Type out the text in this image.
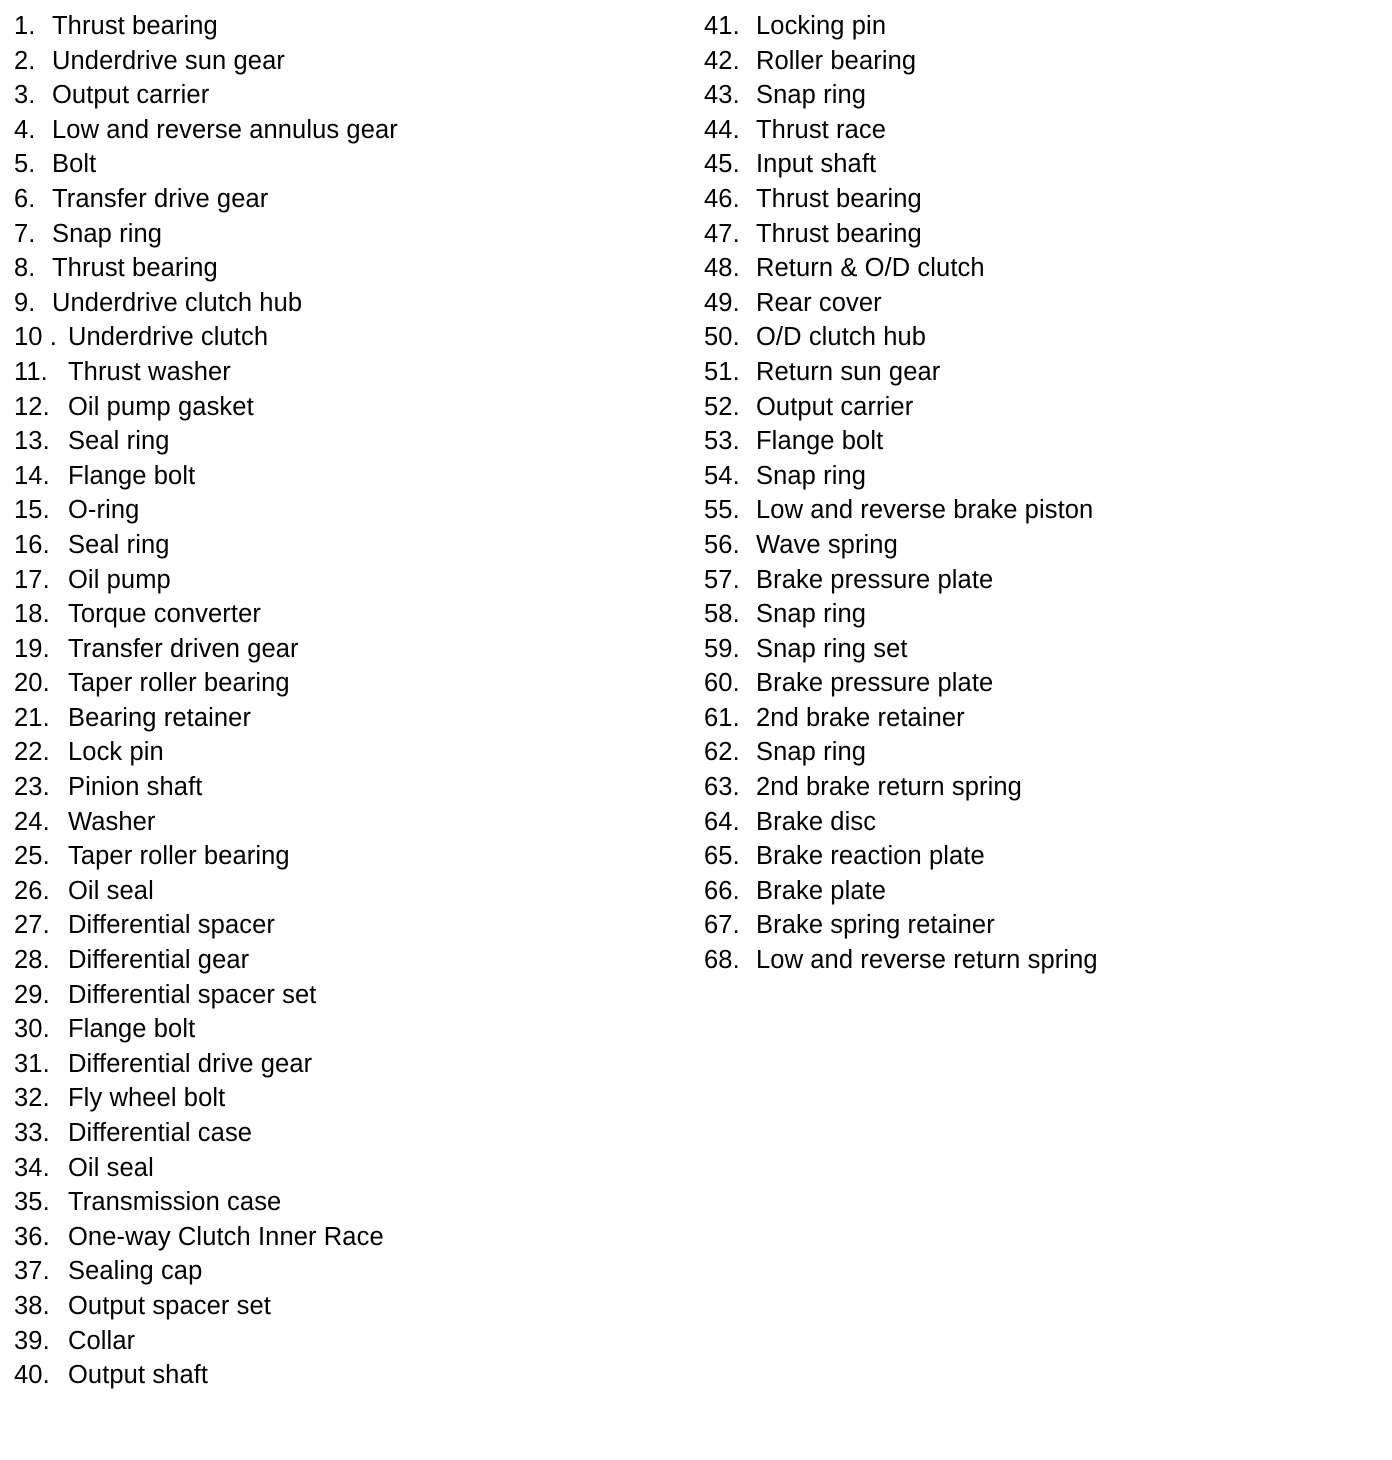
1. Thrust bearing
2. Underdrive sun gear
3. Output carrier
4. Low and reverse annulus gear
5. Bolt
6. Transfer drive gear
7. Snap ring
8. Thrust bearing
9. Underdrive clutch hub
10 . Underdrive clutch
11. Thrust washer
12. Oil pump gasket
13. Seal ring
14. Flange bolt
15. O-ring
16. Seal ring
17. Oil pump
18. Torque converter
19. Transfer driven gear
20. Taper roller bearing
21. Bearing retainer
22. Lock pin
23. Pinion shaft
24. Washer
25. Taper roller bearing
26. Oil seal
27. Differential spacer
28. Differential gear
29. Differential spacer set
30. Flange bolt
31. Differential drive gear
32. Fly wheel bolt
33. Differential case
34. Oil seal
35. Transmission case
36. One-way Clutch Inner Race
37. Sealing cap
38. Output spacer set
39. Collar
40. Output shaft
41. Locking pin
42. Roller bearing
43. Snap ring
44. Thrust race
45. Input shaft
46. Thrust bearing
47. Thrust bearing
48. Return & O/D clutch
49. Rear cover
50. O/D clutch hub
51. Return sun gear
52. Output carrier
53. Flange bolt
54. Snap ring
55. Low and reverse brake piston
56. Wave spring
57. Brake pressure plate
58. Snap ring
59. Snap ring set
60. Brake pressure plate
61. 2nd brake retainer
62. Snap ring
63. 2nd brake return spring
64. Brake disc
65. Brake reaction plate
66. Brake plate
67. Brake spring retainer
68. Low and reverse return spring
